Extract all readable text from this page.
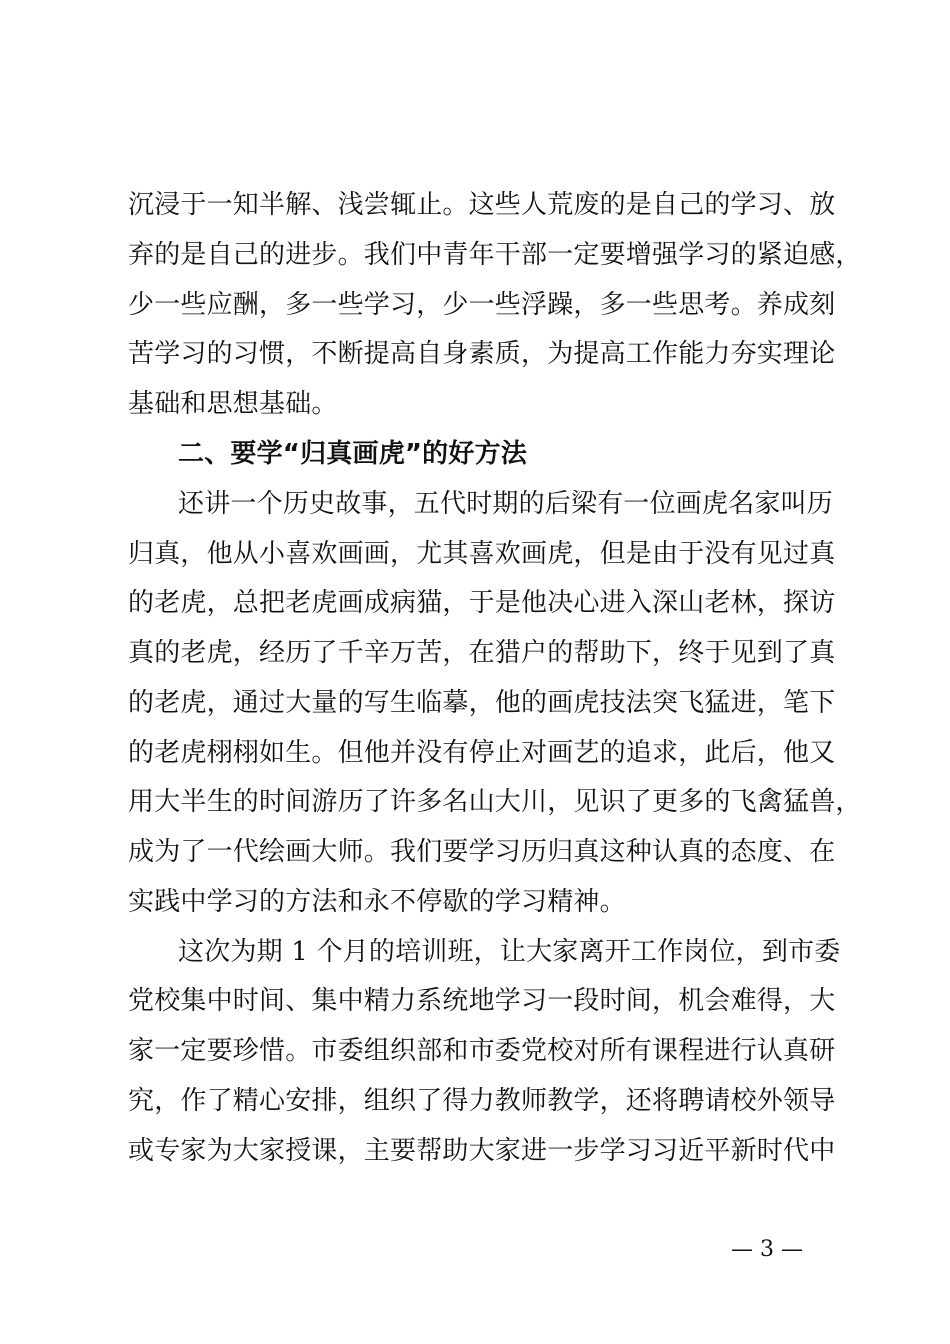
沉浸于一知半解、浅尝辄止。这些人荒废的是自己的学习、放
弃的是自己的进步。我们中青年干部一定要增强学习的紧迫感，
少一些应酬，多一些学习，少一些浮躁，多一些思考。养成刻
苦学习的习惯，不断提高自身素质，为提高工作能力夯实理论
基础和思想基础。
二、要学“归真画虎”的好方法
还讲一个历史故事，五代时期的后梁有一位画虎名家叫历
归真，他从小喜欢画画，尤其喜欢画虎，但是由于没有见过真
的老虎，总把老虎画成病猫，于是他决心进入深山老林，探访
真的老虎，经历了千辛万苦，在猎户的帮助下，终于见到了真
的老虎，通过大量的写生临摹，他的画虎技法突飞猛进，笔下
的老虎栩栩如生。但他并没有停止对画艺的追求，此后，他又
用大半生的时间游历了许多名山大川，见识了更多的飞禽猛兽，
成为了一代绘画大师。我们要学习历归真这种认真的态度、在
实践中学习的方法和永不停歇的学习精神。
这次为期 1 个月的培训班，让大家离开工作岗位，到市委
党校集中时间、集中精力系统地学习一段时间，机会难得，大
家一定要珍惜。市委组织部和市委党校对所有课程进行认真研
究，作了精心安排，组织了得力教师教学，还将聘请校外领导
或专家为大家授课，主要帮助大家进一步学习习近平新时代中
— 3 —
